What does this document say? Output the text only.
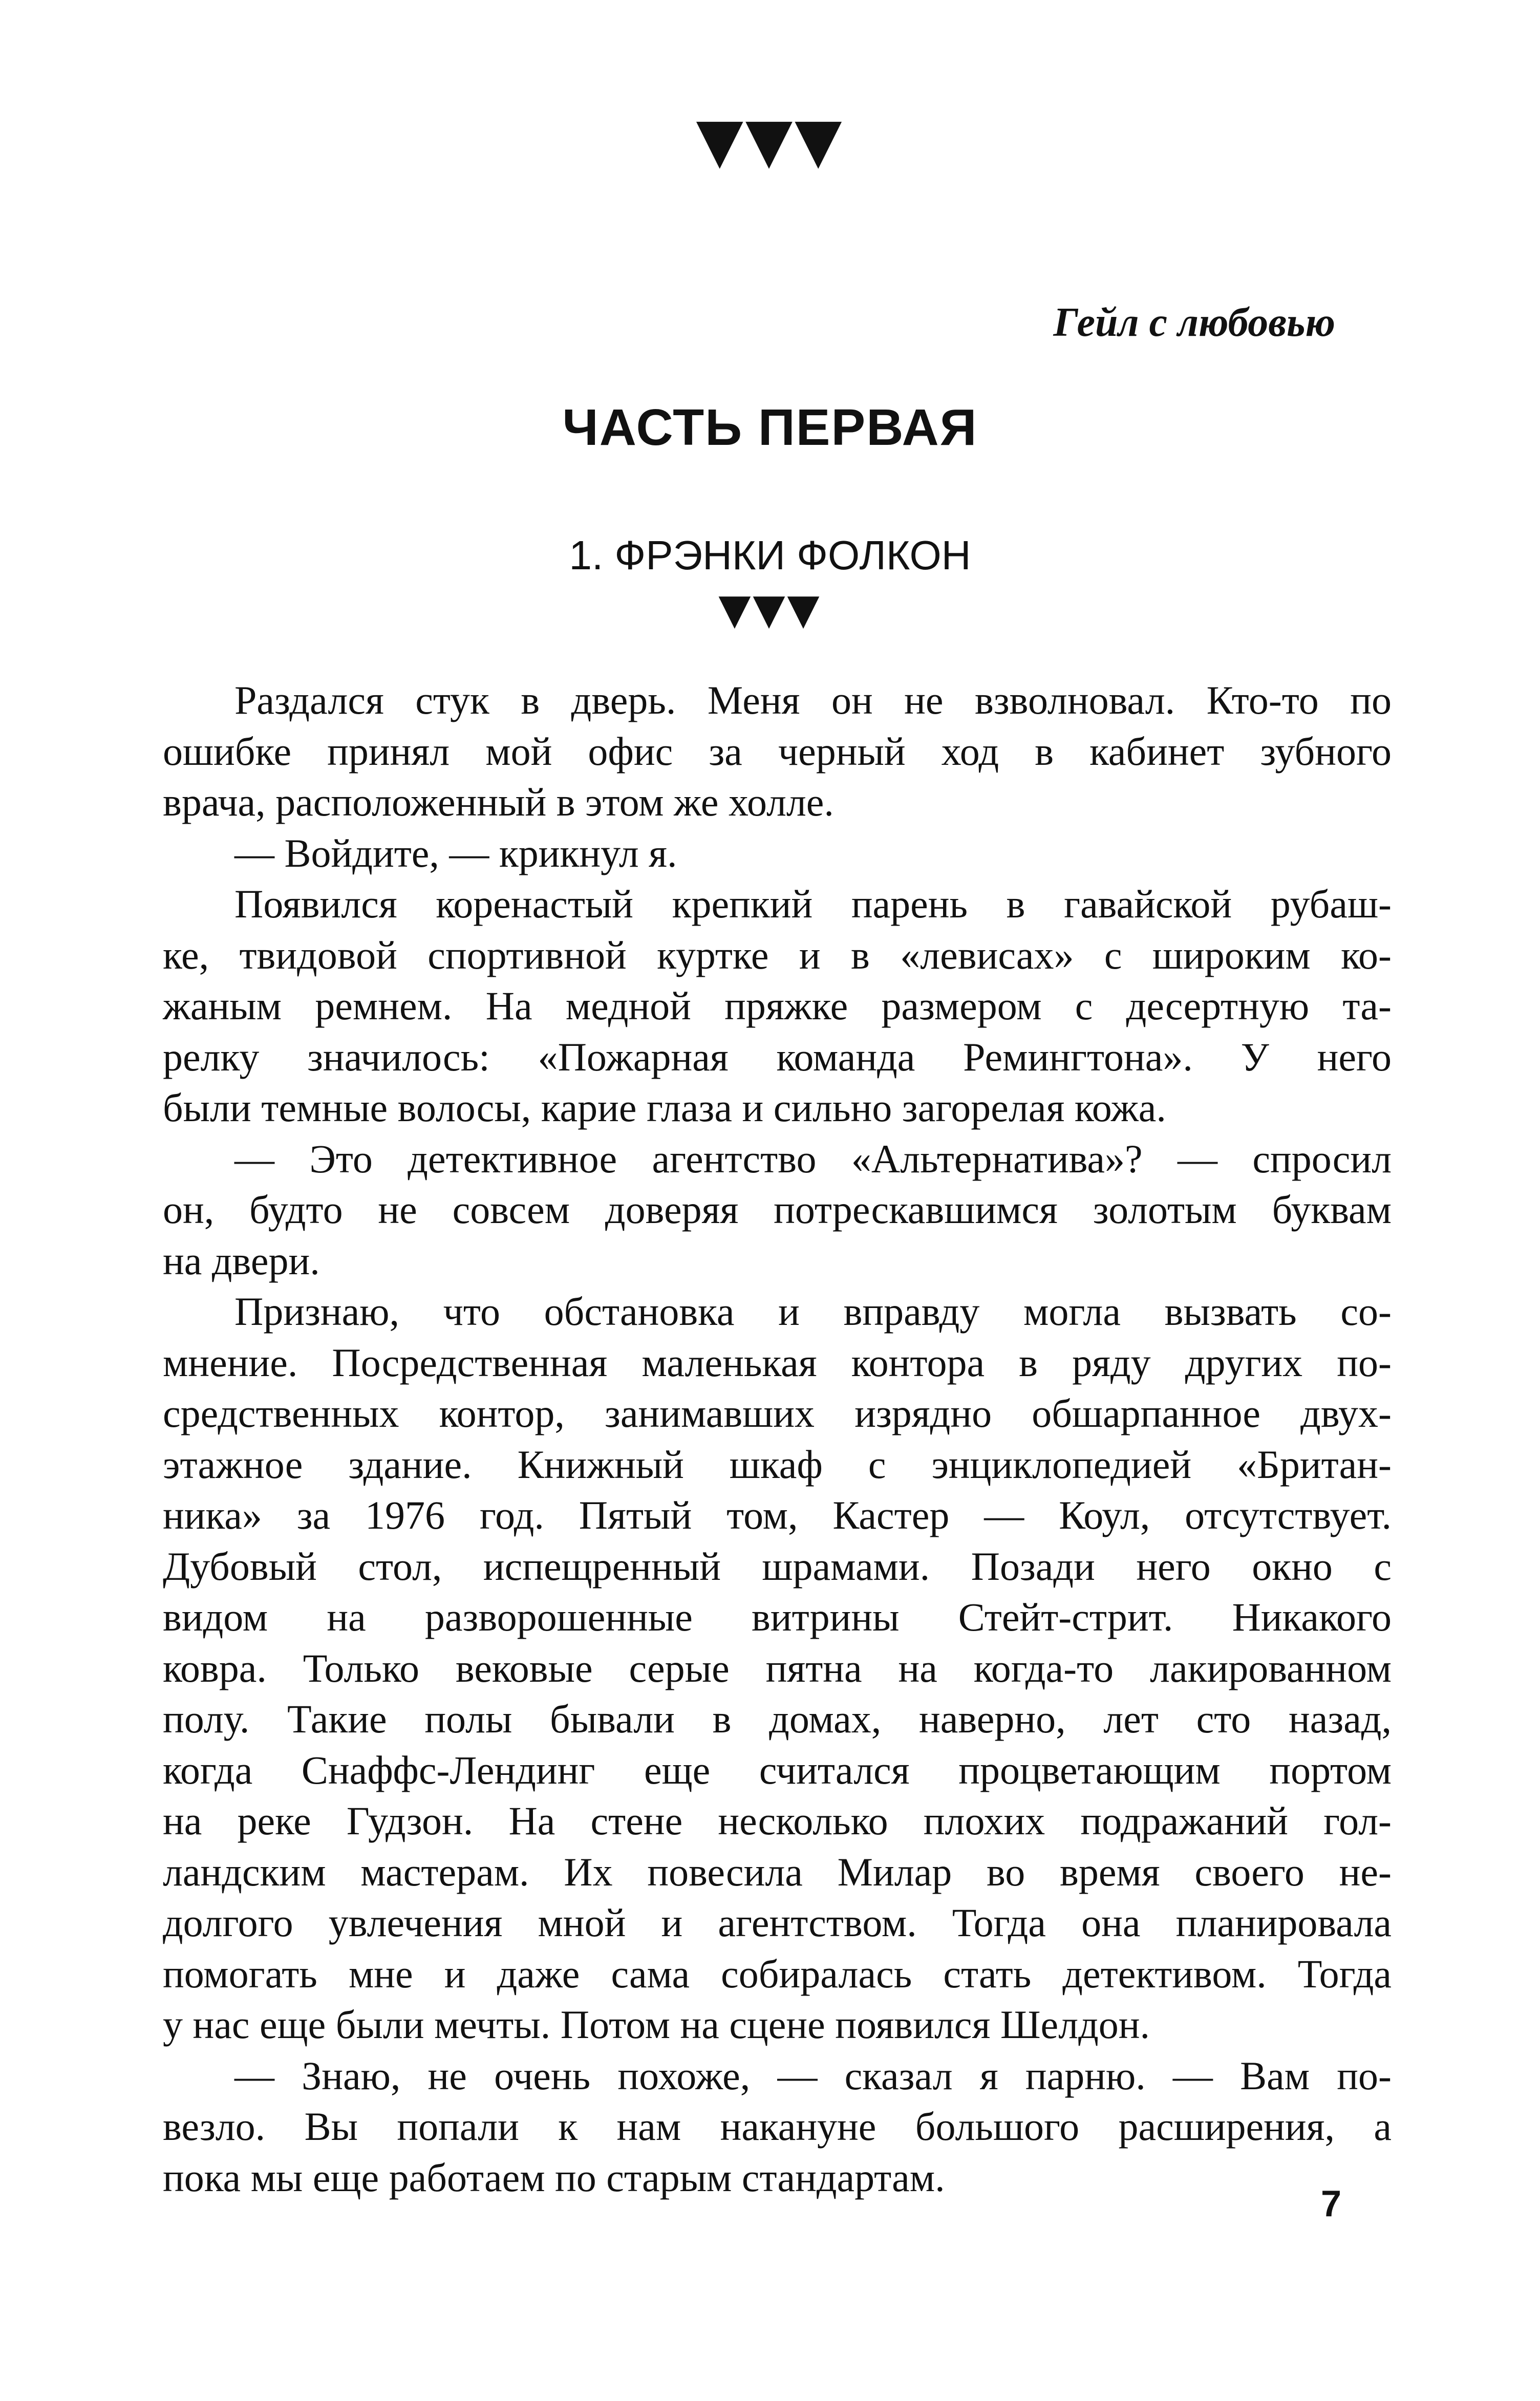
▼▼▼
Гейл с любовью
ЧАСТЬ ПЕРВАЯ
1. ФРЭНКИ ФОЛКОН
▼▼▼

Раздался стук в дверь. Меня он не взволновал. Кто-то по
ошибке принял мой офис за черный ход в кабинет зубного
врача, расположенный в этом же холле.

— Войдите, — крикнул я.

Появился коренастый крепкий парень в гавайской рубаш-
ке, твидовой спортивной куртке и в «левисах» с широким ко-
жаным ремнем. На медной пряжке размером с десертную та-
релку значилось: «Пожарная команда Ремингтона». У него
были темные волосы, карие глаза и сильно загорелая кожа.

— Это детективное агентство «Альтернатива»? — спросил
он, будто не совсем доверяя потрескавшимся золотым буквам
на двери.

Признаю, что обстановка и вправду могла вызвать со-
мнение. Посредственная маленькая контора в ряду других по-
средственных контор, занимавших изрядно обшарпанное двух-
этажное здание. Книжный шкаф с энциклопедией «Британ-
ника» за 1976 год. Пятый том, Кастер — Коул, отсутствует.
Дубовый стол, испещренный шрамами. Позади него окно с
видом на разворошенные витрины Стейт-стрит. Никакого
ковра. Только вековые серые пятна на когда-то лакированном
полу. Такие полы бывали в домах, наверно, лет сто назад,
когда Снаффс-Лендинг еще считался процветающим портом
на реке Гудзон. На стене несколько плохих подражаний гол-
ландским мастерам. Их повесила Милар во время своего не-
долгого увлечения мной и агентством. Тогда она планировала
помогать мне и даже сама собиралась стать детективом. Тогда
у нас еще были мечты. Потом на сцене появился Шелдон.

— Знаю, не очень похоже, — сказал я парню. — Вам по-
везло. Вы попали к нам накануне большого расширения, а
пока мы еще работаем по старым стандартам.

7
